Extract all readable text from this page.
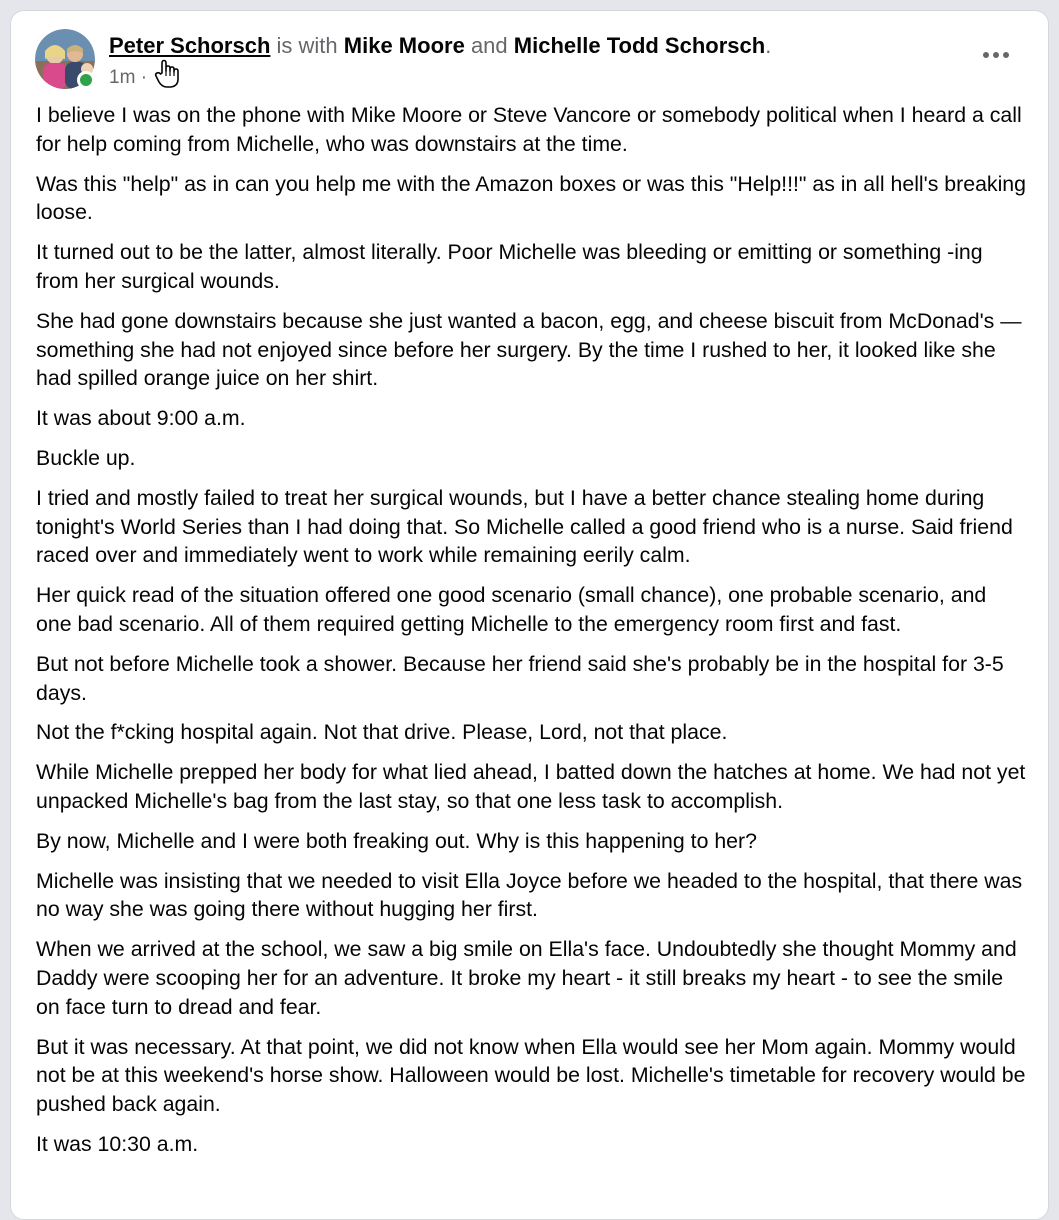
Peter Schorsch is with Mike Moore and Michelle Todd Schorsch.
1m ·

I believe I was on the phone with Mike Moore or Steve Vancore or somebody political when I heard a call for help coming from Michelle, who was downstairs at the time.

Was this "help" as in can you help me with the Amazon boxes or was this "Help!!!" as in all hell's breaking loose.

It turned out to be the latter, almost literally. Poor Michelle was bleeding or emitting or something -ing from her surgical wounds.

She had gone downstairs because she just wanted a bacon, egg, and cheese biscuit from McDonad's — something she had not enjoyed since before her surgery. By the time I rushed to her, it looked like she had spilled orange juice on her shirt.

It was about 9:00 a.m.

Buckle up.

I tried and mostly failed to treat her surgical wounds, but I have a better chance stealing home during tonight's World Series than I had doing that. So Michelle called a good friend who is a nurse. Said friend raced over and immediately went to work while remaining eerily calm.

Her quick read of the situation offered one good scenario (small chance), one probable scenario, and one bad scenario. All of them required getting Michelle to the emergency room first and fast.

But not before Michelle took a shower. Because her friend said she's probably be in the hospital for 3-5 days.

Not the f*cking hospital again. Not that drive. Please, Lord, not that place.

While Michelle prepped her body for what lied ahead, I batted down the hatches at home. We had not yet unpacked Michelle's bag from the last stay, so that one less task to accomplish.

By now, Michelle and I were both freaking out. Why is this happening to her?

Michelle was insisting that we needed to visit Ella Joyce before we headed to the hospital, that there was no way she was going there without hugging her first.

When we arrived at the school, we saw a big smile on Ella's face. Undoubtedly she thought Mommy and Daddy were scooping her for an adventure. It broke my heart - it still breaks my heart - to see the smile on face turn to dread and fear.

But it was necessary. At that point, we did not know when Ella would see her Mom again. Mommy would not be at this weekend's horse show. Halloween would be lost. Michelle's timetable for recovery would be pushed back again.

It was 10:30 a.m.
